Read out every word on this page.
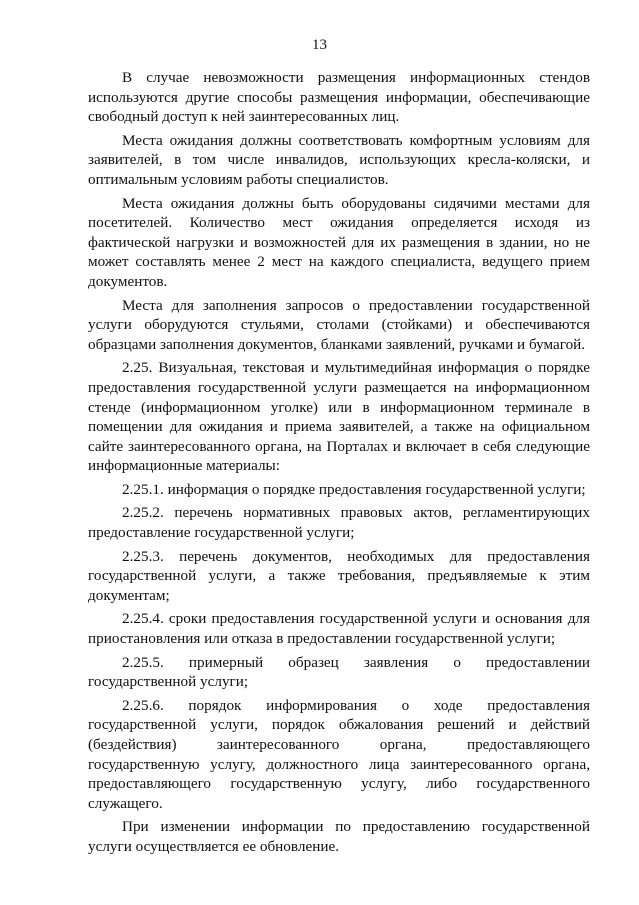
13

В случае невозможности размещения информационных стендов используются другие способы размещения информации, обеспечивающие свободный доступ к ней заинтересованных лиц.

Места ожидания должны соответствовать комфортным условиям для заявителей, в том числе инвалидов, использующих кресла-коляски, и оптимальным условиям работы специалистов.

Места ожидания должны быть оборудованы сидячими местами для посетителей. Количество мест ожидания определяется исходя из фактической нагрузки и возможностей для их размещения в здании, но не может составлять менее 2 мест на каждого специалиста, ведущего прием документов.

Места для заполнения запросов о предоставлении государственной услуги оборудуются стульями, столами (стойками) и обеспечиваются образцами заполнения документов, бланками заявлений, ручками и бумагой.

2.25. Визуальная, текстовая и мультимедийная информация о порядке предоставления государственной услуги размещается на информационном стенде (информационном уголке) или в информационном терминале в помещении для ожидания и приема заявителей, а также на официальном сайте заинтересованного органа, на Порталах и включает в себя следующие информационные материалы:

2.25.1. информация о порядке предоставления государственной услуги;

2.25.2. перечень нормативных правовых актов, регламентирующих предоставление государственной услуги;

2.25.3. перечень документов, необходимых для предоставления государственной услуги, а также требования, предъявляемые к этим документам;

2.25.4. сроки предоставления государственной услуги и основания для приостановления или отказа в предоставлении государственной услуги;

2.25.5. примерный образец заявления о предоставлении государственной услуги;

2.25.6. порядок информирования о ходе предоставления государственной услуги, порядок обжалования решений и действий (бездействия) заинтересованного органа, предоставляющего государственную услугу, должностного лица заинтересованного органа, предоставляющего государственную услугу, либо государственного служащего.

При изменении информации по предоставлению государственной услуги осуществляется ее обновление.
